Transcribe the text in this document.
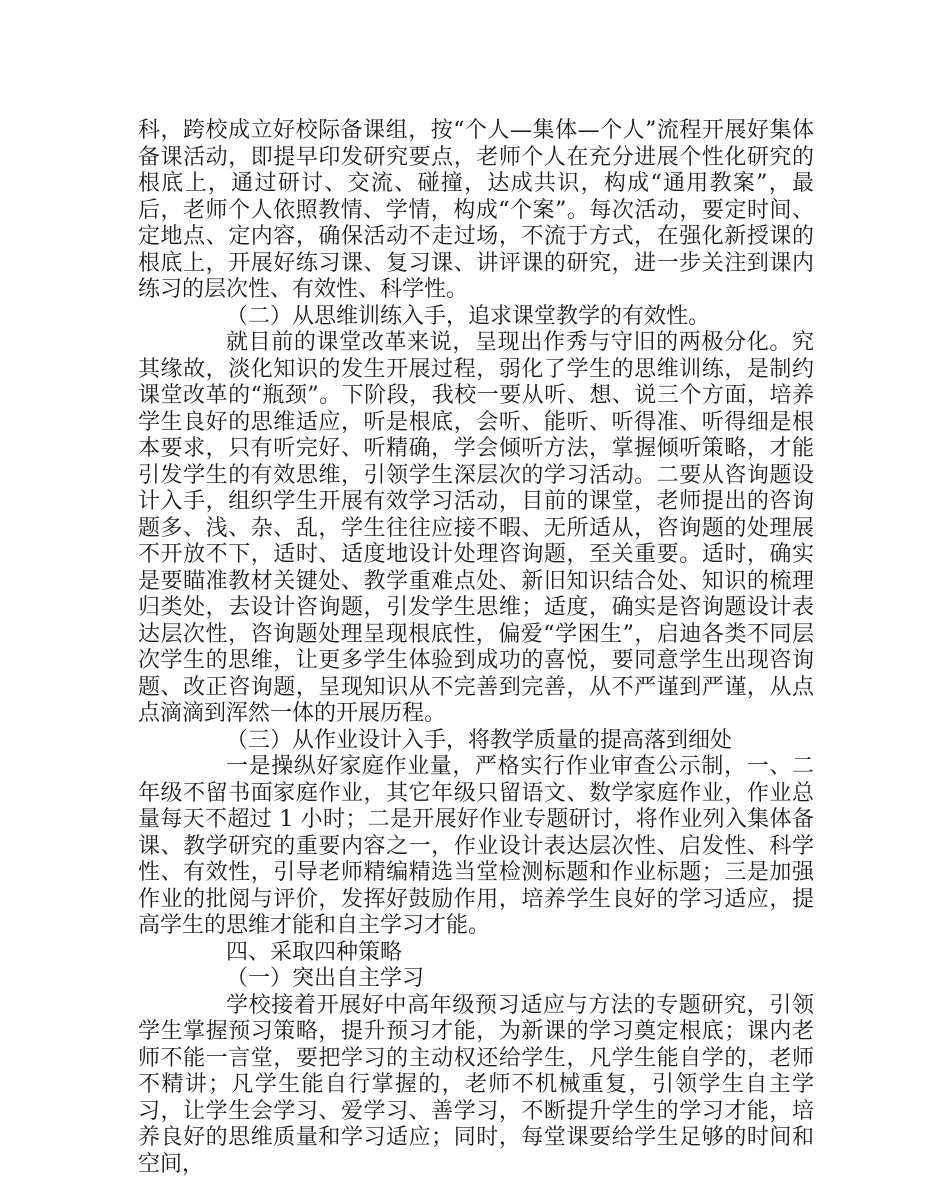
科，跨校成立好校际备课组，按“个人—集体—个人”流程开展好集体备课活动，即提早印发研究要点，老师个人在充分进展个性化研究的根底上，通过研讨、交流、碰撞，达成共识，构成“通用教案”，最后，老师个人依照教情、学情，构成“个案”。每次活动，要定时间、定地点、定内容，确保活动不走过场，不流于方式，在强化新授课的根底上，开展好练习课、复习课、讲评课的研究，进一步关注到课内练习的层次性、有效性、科学性。

（二）从思维训练入手，追求课堂教学的有效性。

就目前的课堂改革来说，呈现出作秀与守旧的两极分化。究其缘故，淡化知识的发生开展过程，弱化了学生的思维训练，是制约课堂改革的“瓶颈”。下阶段，我校一要从听、想、说三个方面，培养学生良好的思维适应，听是根底，会听、能听、听得准、听得细是根本要求，只有听完好、听精确，学会倾听方法，掌握倾听策略，才能引发学生的有效思维，引领学生深层次的学习活动。二要从咨询题设计入手，组织学生开展有效学习活动，目前的课堂，老师提出的咨询题多、浅、杂、乱，学生往往应接不暇、无所适从，咨询题的处理展不开放不下，适时、适度地设计处理咨询题，至关重要。适时，确实是要瞄准教材关键处、教学重难点处、新旧知识结合处、知识的梳理归类处，去设计咨询题，引发学生思维；适度，确实是咨询题设计表达层次性，咨询题处理呈现根底性，偏爱“学困生”，启迪各类不同层次学生的思维，让更多学生体验到成功的喜悦，要同意学生出现咨询题、改正咨询题，呈现知识从不完善到完善，从不严谨到严谨，从点点滴滴到浑然一体的开展历程。

（三）从作业设计入手，将教学质量的提高落到细处

一是操纵好家庭作业量，严格实行作业审查公示制，一、二年级不留书面家庭作业，其它年级只留语文、数学家庭作业，作业总量每天不超过 1 小时；二是开展好作业专题研讨，将作业列入集体备课、教学研究的重要内容之一，作业设计表达层次性、启发性、科学性、有效性，引导老师精编精选当堂检测标题和作业标题；三是加强作业的批阅与评价，发挥好鼓励作用，培养学生良好的学习适应，提高学生的思维才能和自主学习才能。

四、采取四种策略

（一）突出自主学习

学校接着开展好中高年级预习适应与方法的专题研究，引领学生掌握预习策略，提升预习才能，为新课的学习奠定根底；课内老师不能一言堂，要把学习的主动权还给学生，凡学生能自学的，老师不精讲；凡学生能自行掌握的，老师不机械重复，引领学生自主学习，让学生会学习、爱学习、善学习，不断提升学生的学习才能，培养良好的思维质量和学习适应；同时，每堂课要给学生足够的时间和空间，
